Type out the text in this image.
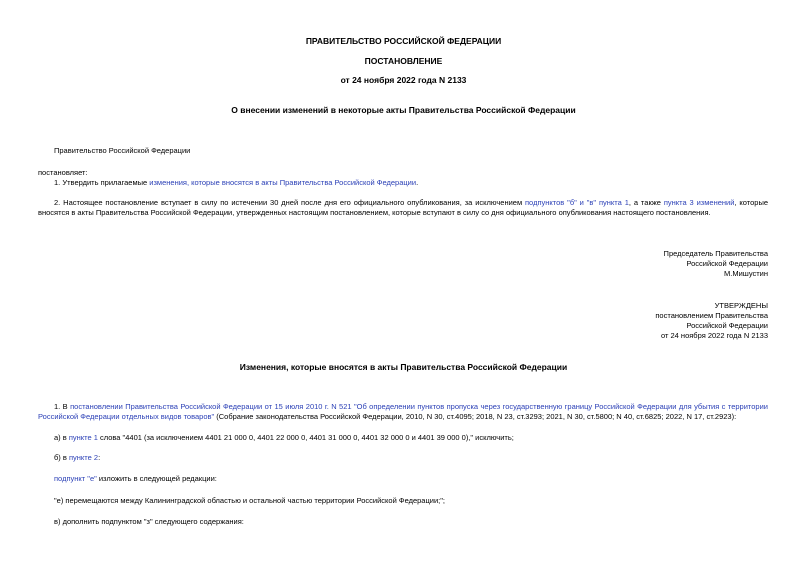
ПРАВИТЕЛЬСТВО РОССИЙСКОЙ ФЕДЕРАЦИИ
ПОСТАНОВЛЕНИЕ
от 24 ноября 2022 года N 2133
О внесении изменений в некоторые акты Правительства Российской Федерации
Правительство Российской Федерации
постановляет:
1. Утвердить прилагаемые изменения, которые вносятся в акты Правительства Российской Федерации.
2. Настоящее постановление вступает в силу по истечении 30 дней после дня его официального опубликования, за исключением подпунктов "б" и "в" пункта 1, а также пункта 3 изменений, которые вносятся в акты Правительства Российской Федерации, утвержденных настоящим постановлением, которые вступают в силу со дня официального опубликования настоящего постановления.
Председатель Правительства
Российской Федерации
М.Мишустин
УТВЕРЖДЕНЫ
постановлением Правительства
Российской Федерации
от 24 ноября 2022 года N 2133
Изменения, которые вносятся в акты Правительства Российской Федерации
1. В постановлении Правительства Российской Федерации от 15 июля 2010 г. N 521 "Об определении пунктов пропуска через государственную границу Российской Федерации для убытия с территории Российской Федерации отдельных видов товаров" (Собрание законодательства Российской Федерации, 2010, N 30, ст.4095; 2018, N 23, ст.3293; 2021, N 30, ст.5800; N 40, ст.6825; 2022, N 17, ст.2923):
а) в пункте 1 слова "4401 (за исключением 4401 21 000 0, 4401 22 000 0, 4401 31 000 0, 4401 32 000 0 и 4401 39 000 0)," исключить;
б) в пункте 2:
подпункт "е" изложить в следующей редакции:
"е) перемещаются между Калининградской областью и остальной частью территории Российской Федерации;";
в) дополнить подпунктом "з" следующего содержания:
